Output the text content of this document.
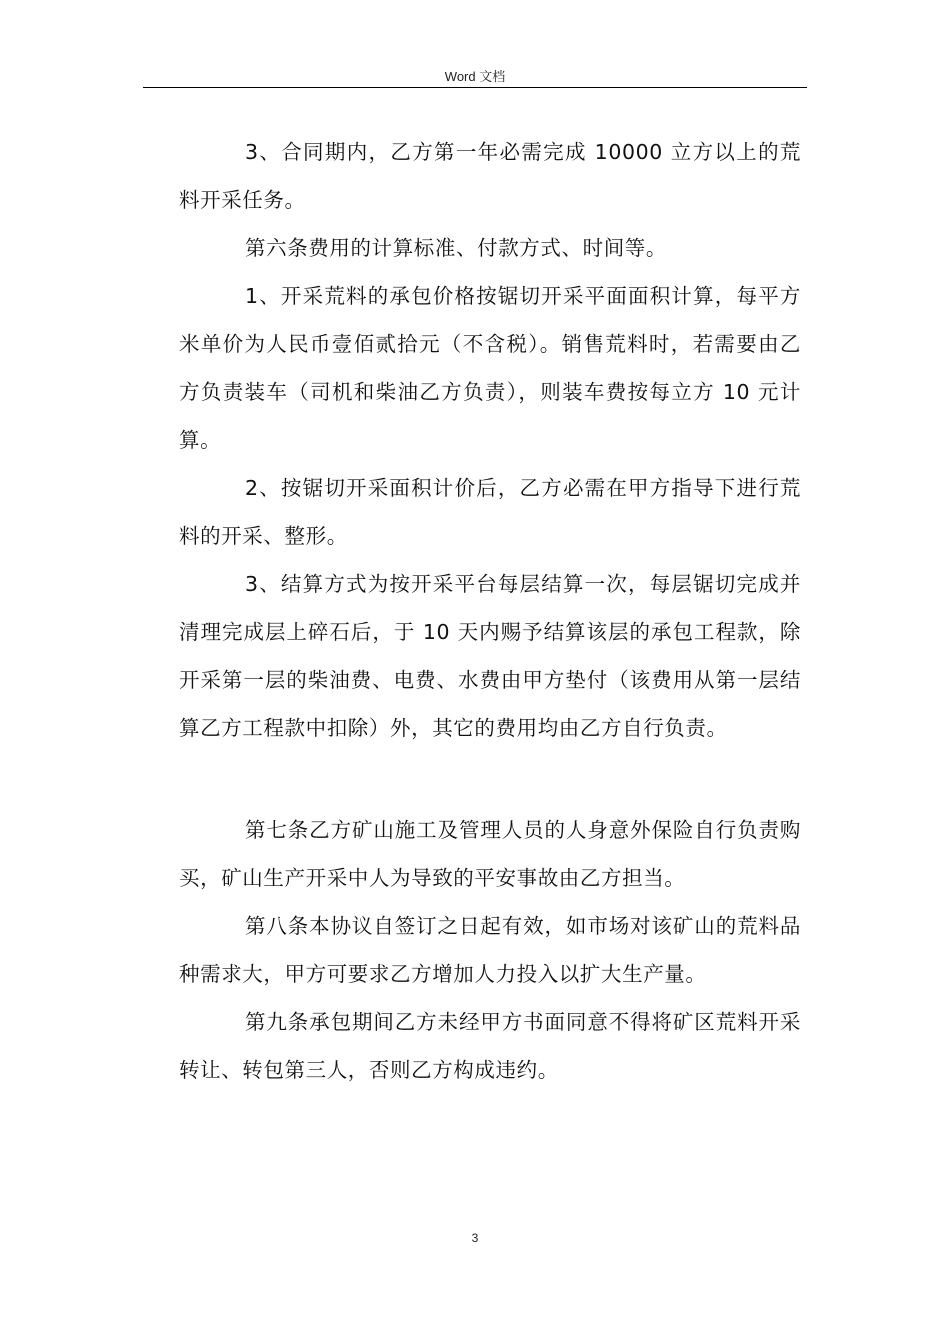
Word 文档

3、合同期内，乙方第一年必需完成 10000 立方以上的荒料开采任务。

第六条费用的计算标准、付款方式、时间等。

1、开采荒料的承包价格按锯切开采平面面积计算，每平方米单价为人民币壹佰贰拾元（不含税）。销售荒料时，若需要由乙方负责装车（司机和柴油乙方负责），则装车费按每立方 10 元计算。

2、按锯切开采面积计价后，乙方必需在甲方指导下进行荒料的开采、整形。

3、结算方式为按开采平台每层结算一次，每层锯切完成并清理完成层上碎石后，于 10 天内赐予结算该层的承包工程款，除开采第一层的柴油费、电费、水费由甲方垫付（该费用从第一层结算乙方工程款中扣除）外，其它的费用均由乙方自行负责。

第七条乙方矿山施工及管理人员的人身意外保险自行负责购买，矿山生产开采中人为导致的平安事故由乙方担当。

第八条本协议自签订之日起有效，如市场对该矿山的荒料品种需求大，甲方可要求乙方增加人力投入以扩大生产量。

第九条承包期间乙方未经甲方书面同意不得将矿区荒料开采转让、转包第三人，否则乙方构成违约。

3
